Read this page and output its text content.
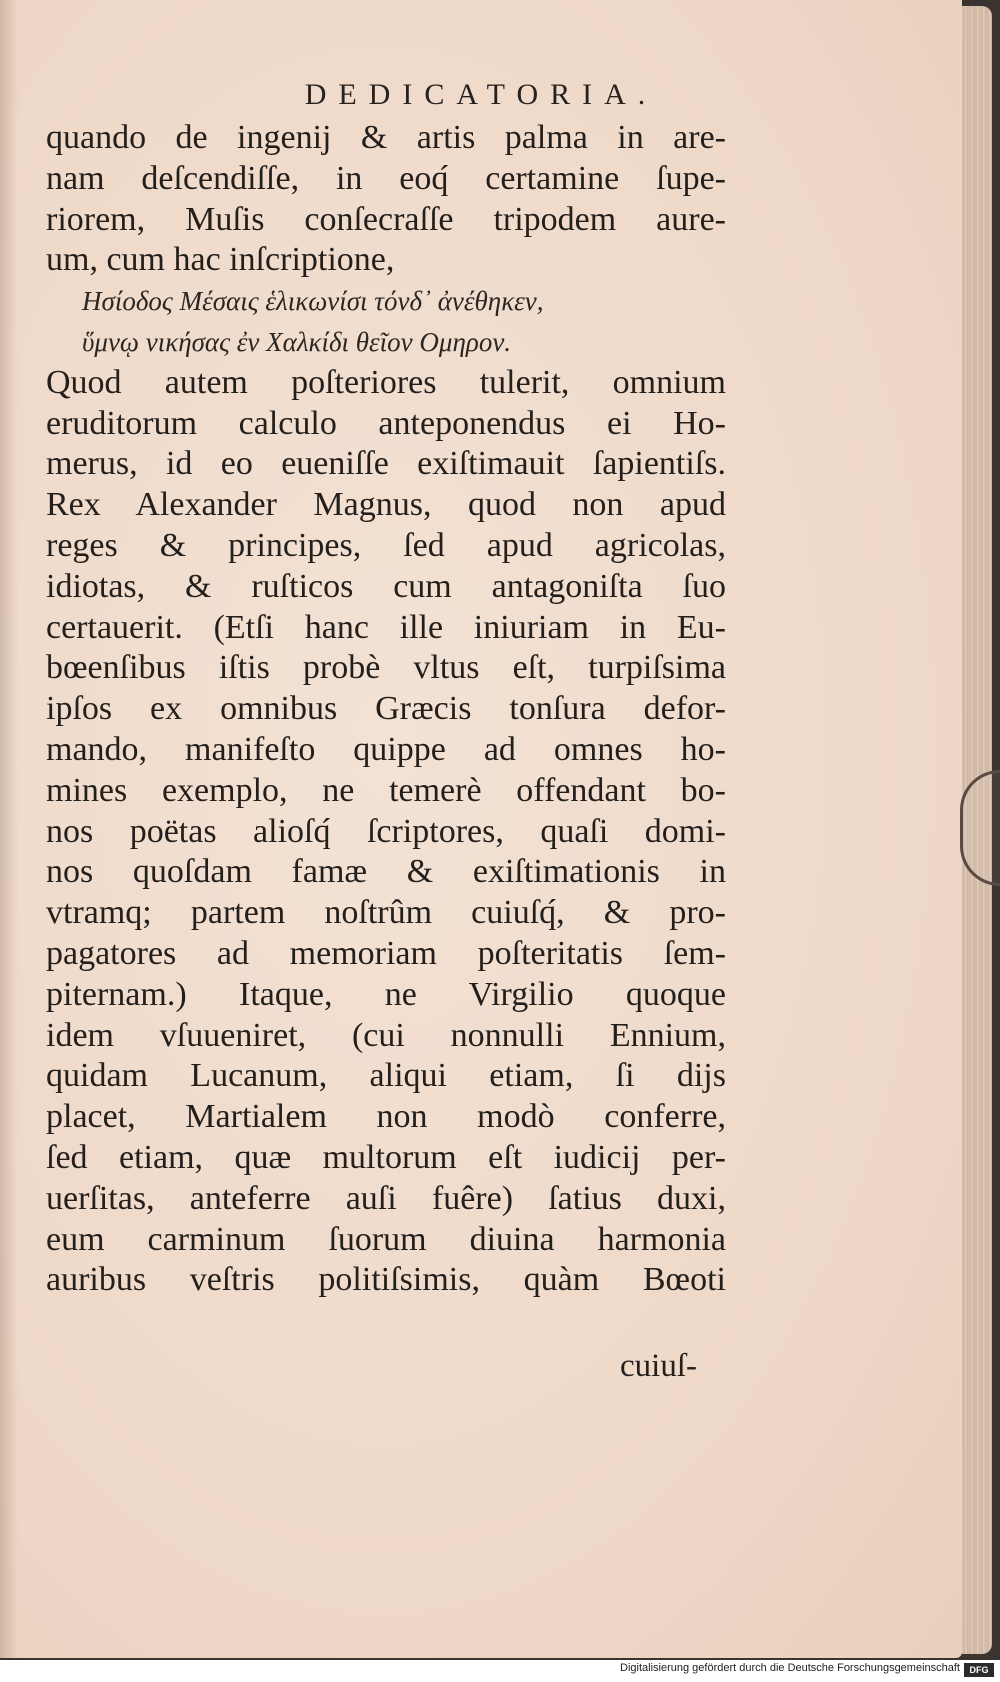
DEDICATORIA.
quando de ingenij & artis palma in are-
nam deſcendiſſe, in eoq́ certamine ſupe-
riorem, Muſis conſecraſſe tripodem aure-
um, cum hac inſcriptione,
Ησίοδος Μέσαις ἑλικωνίσι τόνδ᾽ ἀνέθηκεν,
ὕμνῳ νικήσας ἐν Χαλκίδι θεῖον Ομηρον.
Quod autem poſteriores tulerit, omnium
eruditorum calculo anteponendus ei Ho-
merus, id eo eueniſſe exiſtimauit ſapientiſs.
Rex Alexander Magnus, quod non apud
reges & principes, ſed apud agricolas,
idiotas, & ruſticos cum antagoniſta ſuo
certauerit. (Etſi hanc ille iniuriam in Eu-
bœenſibus iſtis probè vltus eſt, turpiſsima
ipſos ex omnibus Græcis tonſura defor-
mando, manifeſto quippe ad omnes ho-
mines exemplo, ne temerè offendant bo-
nos poëtas alioſq́ ſcriptores, quaſi domi-
nos quoſdam famæ & exiſtimationis in
vtramq; partem noſtrûm cuiuſq́, & pro-
pagatores ad memoriam poſteritatis ſem-
piternam.) Itaque, ne Virgilio quoque
idem vſuueniret, (cui nonnulli Ennium,
quidam Lucanum, aliqui etiam, ſi dijs
placet, Martialem non modò conferre,
ſed etiam, quæ multorum eſt iudicij per-
uerſitas, anteferre auſi fuêre) ſatius duxi,
eum carminum ſuorum diuina harmonia
auribus veſtris politiſsimis, quàm Bœoti
cuiuſ-
Digitalisierung gefördert durch die Deutsche Forschungsgemeinschaft	DFG
